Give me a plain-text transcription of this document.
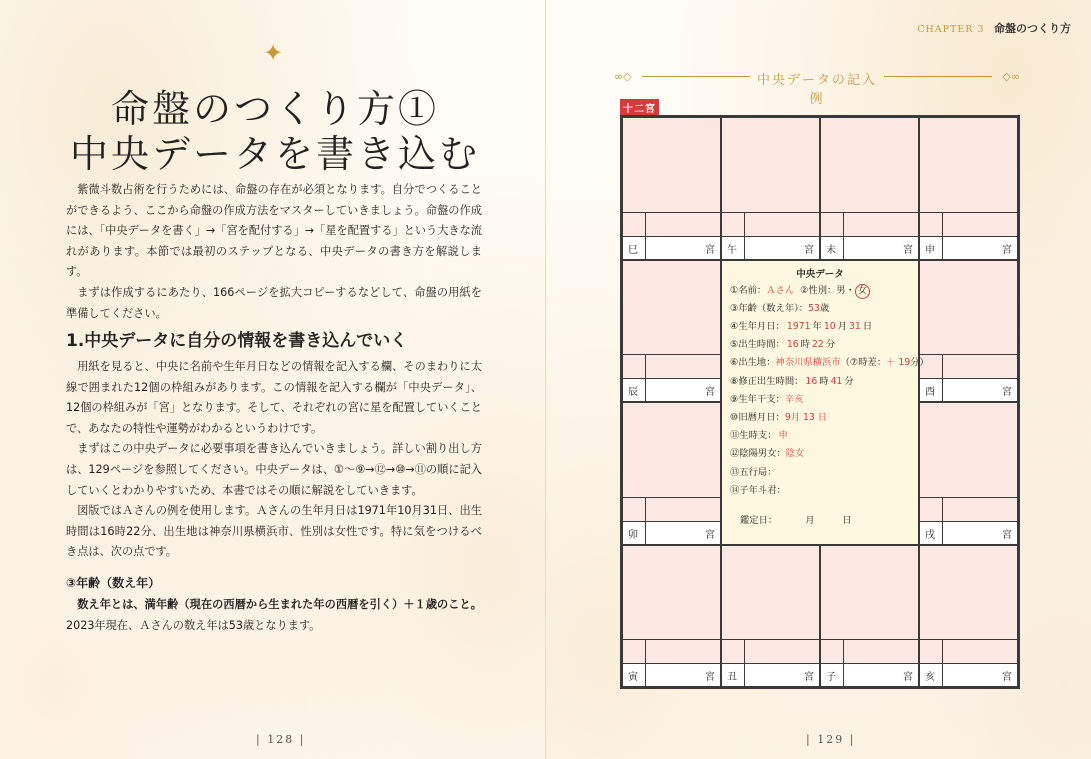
✦
命盤のつくり方①
中央データを書き込む

紫微斗数占術を行うためには、命盤の存在が必須となります。自分でつくることができるよう、ここから命盤の作成方法をマスターしていきましょう。命盤の作成には、「中央データを書く」→「宮を配付する」→「星を配置する」という大きな流れがあります。本節では最初のステップとなる、中央データの書き方を解説します。

まずは作成するにあたり、166ページを拡大コピーするなどして、命盤の用紙を準備してください。

1.中央データに自分の情報を書き込んでいく

用紙を見ると、中央に名前や生年月日などの情報を記入する欄、そのまわりに太線で囲まれた12個の枠組みがあります。この情報を記入する欄が「中央データ」、12個の枠組みが「宮」となります。そして、それぞれの宮に星を配置していくことで、あなたの特性や運勢がわかるというわけです。

まずはこの中央データに必要事項を書き込んでいきましょう。詳しい割り出し方は、129ページを参照してください。中央データは、①〜⑨→⑫→⑩→⑪の順に記入していくとわかりやすいため、本書ではその順に解説をしていきます。

図版ではＡさんの例を使用します。Ａさんの生年月日は1971年10月31日、出生時間は16時22分、出生地は神奈川県横浜市、性別は女性です。特に気をつけるべき点は、次の点です。

③年齢（数え年）

数え年とは、満年齢（現在の西暦から生まれた年の西暦を引く）＋１歳のこと。2023年現在、Ａさんの数え年は53歳となります。

| 128 |
CHAPTER 3 命盤のつくり方
∞◇	中央データの記入例
◇∞
十二宮
巳	宮 午	宮 未	宮 申	宮
辰	宮
卯	宮
酉	宮
戌	宮
寅	宮 丑	宮 子	宮 亥	宮
中央データ
①名前：Ａさん ②性別：男・ 女
③年齢（数え年）：53歳
④生年月日： 1971 年 10 月 31 日
⑤出生時間： 16 時 22 分
⑥出生地：神奈川県横浜市（⑦時差：＋ 19分）
⑧修正出生時間： 16 時 41 分
⑨生年干支：辛亥
⑩旧暦月日：9月 13 日
⑪生時支： 申
⑫陰陽男女：陰女
⑬五行局：
⑭子年斗君：
鑑定日：	月	日
| 129 |
